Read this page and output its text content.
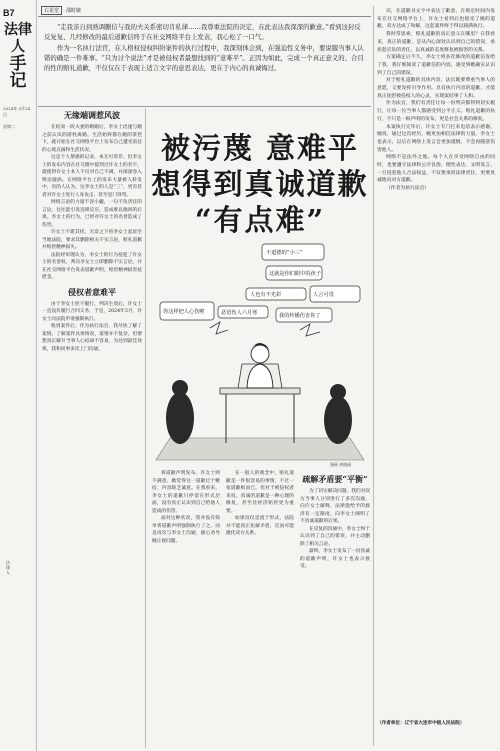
B7
法律人
手记
2024年 9月24日
星期二
法律人
右见堂	邵时敏

“走我亲自到熟调删信与我的夫关系密切肯私律……我尊重法院的决定，在此表达我深深的歉意。”看到这封反反复复、几经修改的最后道歉信终于在社交网络平台上发表，我心松了一口气。

作为一名执行法官，在人格权侵权纠纷案件的执行过程中，我深刻体会到，在强迫性义务中，要说服当事人认错的确是一件难事。“只为讨个说法”才是被侵权者最想找到的“意难平”。正因为如此，完成一个真正意义的、合目的性的赔礼道歉，不仅仅在于表现上适言文字的意思表达，更在于内心的真诚悔过。

无缘端调惹风波

在结束一段夫妻的婚姻后，李女士迅速与她之前认识的游姓离婚。生活始终都在她的掌控下，就开始在社交网络平台上发布自己遭受前任的心境点滴和生活状况。

这是个人情感的记录，本无可厚非。但李女士的发布内容在社交圈中提到过许女士的名字，就使得许女士本人不仅对自己不满，并深深卷入舆论漩涡。在网络平台上的发布大量被人转发中，有的人认为，这李女士的人是“三”，更有甚者对许女士进行人身攻击，甚至登门辱骂。

网络言论的力量不容小觑，一句不负责任的言论，往往能引发连锁反应。造成难以挽回的后果。李女士的行为，已经对许女士的名誉造成了伤害。

许女士不堪其扰，无奈之下将李女士起诉至当地法院，要求其删除相关不实言论，赔礼道歉并赔偿精神损失。

法院经审理认为，李女士的行为侵犯了许女士的名誉权，判决李女士立即删除不实言论，并在社交网络平台发表道歉声明，赔偿精神损害抚慰金。

侵权者意难平

由于李女士拒不履行，判决生效后，许女士一直没有履行合同义务，于是，2024年3月，许女士向法院申请强制执行。

收到案件后，作为执行法官，我尽快了解了案情。了解案件具体情况，案情并不复杂，但要想真正解开当事人心结却不容易，为达到最佳效果，我和同事多次上门沟通。

被污蔑 意难平
想得到真诚道歉
“有点难”
不道德的“小三”
这就是你们眼中的孩子
人也有不光彩	人言可畏
恶语伤人六月寒
你这样把人心伤啦
我的传播伤害你了
漫画 林晓丽

将道歉声明发布，许女士则不满意。她觉得这一道歉过于敷衍，内容缺乏诚意。在我看来，李女士的道歉只停留在形式层面，没有真正认识到自己给他人造成的伤害。

面对这种状况，我并没有简单将道歉声明强制执行了之，而是再次与李女士沟通，耐心劝导她正视问题。

在一般人的观念中，赔礼道歉是一件很容易的事情，不过一张道歉纸而已。但对于被侵权者来说，真诚的道歉是一种心理的修复，甚至比经济赔偿更为重要。

如果仅仅是流于形式，法院并不能真正化解矛盾，反而可能激化双方关系。

疏解矛盾要“平衡”

为了切实解决问题，我们对双方当事人分别进行了多次沟通，向许女士解释，法律能给予的救济有一定限度，向李女士阐明了不真诚道歉的后果。

在反复的沟通中，李女士终于认识到了自己的错误，并主动删除了相关言论。

最终，李女士发布了一份真诚的道歉声明，许女士也表示接受。

识，在道歉书文字中表达了歉意，在规定时间内发布在社交网络平台上，许女士看到后也接受了她的道歉，双方达成了和解，这起案件终于得以圆满执行。

我时常思索，赔礼道歉的真正意义在哪里？在我看来，真正的道歉，是从内心深处认识到自己的错误，承担起应负的责任，以真诚的态度修复被损害的关系。

方案确定后不久，李女士将多次修改的道歉信发给了我，我仔细阅读了道歉信的内容，感受到她确实认识到了自己的错误。

对于赔礼道歉的具体内容，法官既要尊重当事人的意愿，又要发挥引导作用。具有执行内容的道歉，才能真正抚慰被侵权人的心灵，实现案结事了人和。

作为法官，我们有责任让每一份判决都得到切实履行，让每一位当事人都感受到公平正义。赔礼道歉的执行，不只是一纸声明的发布，更是社会关系的修复。

本案执行完毕后，许女士专门打来电话表示感谢。她说，通过这次经历，她更加相信法律的力量。李女士也表示，以后在网络上发言会更加谨慎，不会再随意伤害他人。

网络不是法外之地。每个人在享受网络自由的同时，也要遵守法律和公序良俗，理性表达、文明发言。一旦侵犯他人合法权益，不仅要承担法律责任，更要真诚地向对方道歉。

（作者为执行法官）

（作者单位：辽宁省大连市中级人民法院）
